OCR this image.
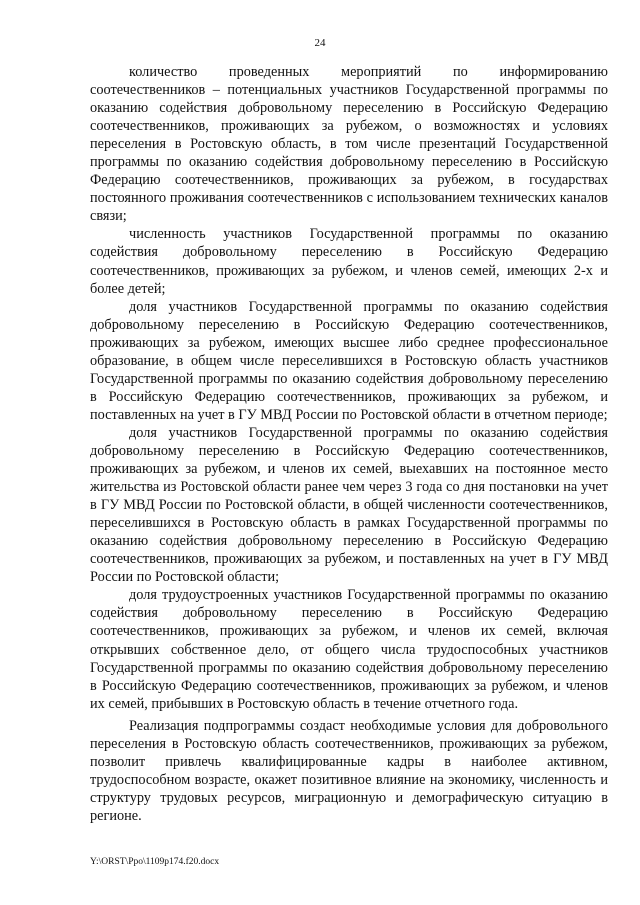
24

количество проведенных мероприятий по информированию соотечественников – потенциальных участников Государственной программы по оказанию содействия добровольному переселению в Российскую Федерацию соотечественников, проживающих за рубежом, о возможностях и условиях переселения в Ростовскую область, в том числе презентаций Государственной программы по оказанию содействия добровольному переселению в Российскую Федерацию соотечественников, проживающих за рубежом, в государствах постоянного проживания соотечественников с использованием технических каналов связи;

численность участников Государственной программы по оказанию содействия добровольному переселению в Российскую Федерацию соотечественников, проживающих за рубежом, и членов семей, имеющих 2-х и более детей;

доля участников Государственной программы по оказанию содействия добровольному переселению в Российскую Федерацию соотечественников, проживающих за рубежом, имеющих высшее либо среднее профессиональное образование, в общем числе переселившихся в Ростовскую область участников Государственной программы по оказанию содействия добровольному переселению в Российскую Федерацию соотечественников, проживающих за рубежом, и поставленных на учет в ГУ МВД России по Ростовской области в отчетном периоде;

доля участников Государственной программы по оказанию содействия добровольному переселению в Российскую Федерацию соотечественников, проживающих за рубежом, и членов их семей, выехавших на постоянное место жительства из Ростовской области ранее чем через 3 года со дня постановки на учет в ГУ МВД России по Ростовской области, в общей численности соотечественников, переселившихся в Ростовскую область в рамках Государственной программы по оказанию содействия добровольному переселению в Российскую Федерацию соотечественников, проживающих за рубежом, и поставленных на учет в ГУ МВД России по Ростовской области;

доля трудоустроенных участников Государственной программы по оказанию содействия добровольному переселению в Российскую Федерацию соотечественников, проживающих за рубежом, и членов их семей, включая открывших собственное дело, от общего числа трудоспособных участников Государственной программы по оказанию содействия добровольному переселению в Российскую Федерацию соотечественников, проживающих за рубежом, и членов их семей, прибывших в Ростовскую область в течение отчетного года.

Реализация подпрограммы создаст необходимые условия для добровольного переселения в Ростовскую область соотечественников, проживающих за рубежом, позволит привлечь квалифицированные кадры в наиболее активном, трудоспособном возрасте, окажет позитивное влияние на экономику, численность и структуру трудовых ресурсов, миграционную и демографическую ситуацию в регионе.

Y:\ORST\Ppo\1109p174.f20.docx
